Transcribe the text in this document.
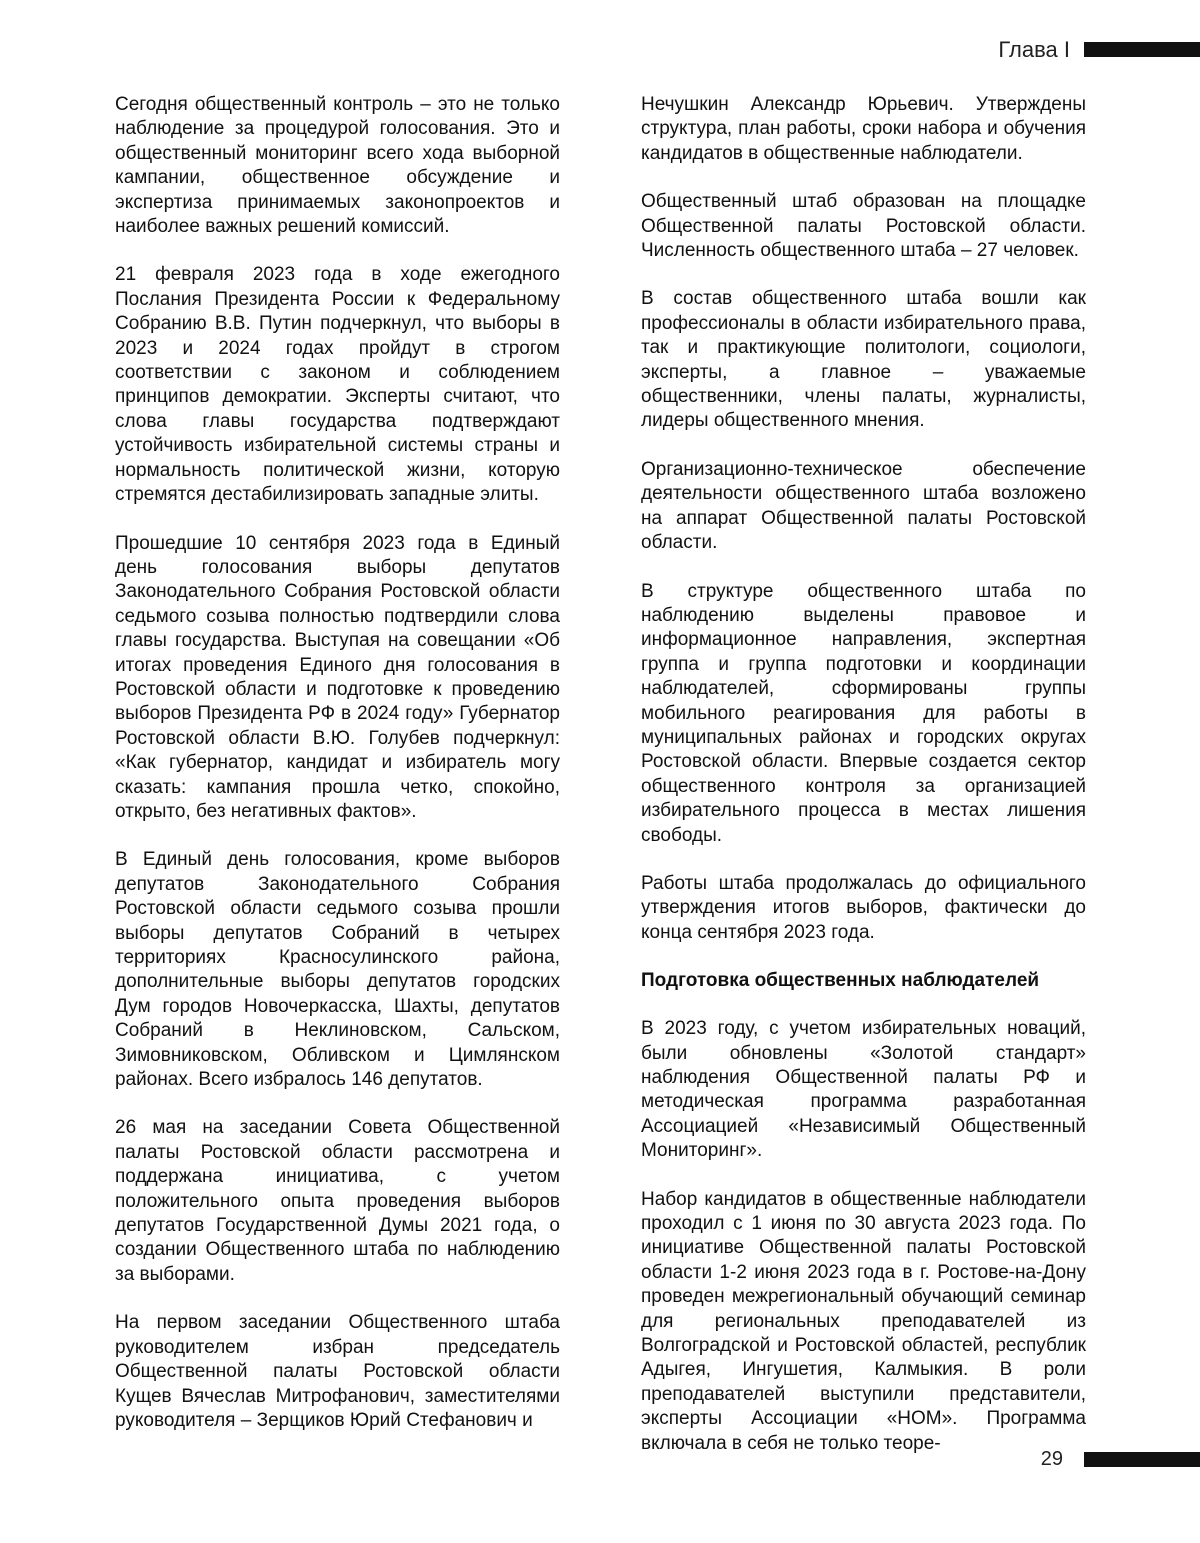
Глава I

Сегодня общественный контроль – это не только наблюдение за процедурой голосования. Это и общественный мониторинг всего хода выборной кампании, общественное обсуждение и экспертиза принимаемых законопроектов и наиболее важных решений комиссий.

21 февраля 2023 года в ходе ежегодного Послания Президента России к Федеральному Собранию В.В. Путин подчеркнул, что выборы в 2023 и 2024 годах пройдут в строгом соответствии с законом и соблюдением принципов демократии. Эксперты считают, что слова главы государства подтверждают устойчивость избирательной системы страны и нормальность политической жизни, которую стремятся дестабилизировать западные элиты.

Прошедшие 10 сентября 2023 года в Единый день голосования выборы депутатов Законодательного Собрания Ростовской области седьмого созыва полностью подтвердили слова главы государства. Выступая на совещании «Об итогах проведения Единого дня голосования в Ростовской области и подготовке к проведению выборов Президента РФ в 2024 году» Губернатор Ростовской области В.Ю. Голубев подчеркнул: «Как губернатор, кандидат и избиратель могу сказать: кампания прошла четко, спокойно, открыто, без негативных фактов».

В Единый день голосования, кроме выборов депутатов Законодательного Собрания Ростовской области седьмого созыва прошли выборы депутатов Собраний в четырех территориях Красносулинского района, дополнительные выборы депутатов городских Дум городов Новочеркасска, Шахты, депутатов Собраний в Неклиновском, Сальском, Зимовниковском, Обливском и Цимлянском районах. Всего избралось 146 депутатов.

26 мая на заседании Совета Общественной палаты Ростовской области рассмотрена и поддержана инициатива, с учетом положительного опыта проведения выборов депутатов Государственной Думы 2021 года, о создании Общественного штаба по наблюдению за выборами.

На первом заседании Общественного штаба руководителем избран председатель Общественной палаты Ростовской области Кущев Вячеслав Митрофанович, заместителями руководителя – Зерщиков Юрий Стефанович и

Нечушкин Александр Юрьевич. Утверждены структура, план работы, сроки набора и обучения кандидатов в общественные наблюдатели.

Общественный штаб образован на площадке Общественной палаты Ростовской области. Численность общественного штаба – 27 человек.

В состав общественного штаба вошли как профессионалы в области избирательного права, так и практикующие политологи, социологи, эксперты, а главное – уважаемые общественники, члены палаты, журналисты, лидеры общественного мнения.

Организационно-техническое обеспечение деятельности общественного штаба возложено на аппарат Общественной палаты Ростовской области.

В структуре общественного штаба по наблюдению выделены правовое и информационное направления, экспертная группа и группа подготовки и координации наблюдателей, сформированы группы мобильного реагирования для работы в муниципальных районах и городских округах Ростовской области. Впервые создается сектор общественного контроля за организацией избирательного процесса в местах лишения свободы.

Работы штаба продолжалась до официального утверждения итогов выборов, фактически до конца сентября 2023 года.

Подготовка общественных наблюдателей

В 2023 году, с учетом избирательных новаций, были обновлены «Золотой стандарт» наблюдения Общественной палаты РФ и методическая программа разработанная Ассоциацией «Независимый Общественный Мониторинг».

Набор кандидатов в общественные наблюдатели проходил с 1 июня по 30 августа 2023 года. По инициативе Общественной палаты Ростовской области 1-2 июня 2023 года в г. Ростове-на-Дону проведен межрегиональный обучающий семинар для региональных преподавателей из Волгоградской и Ростовской областей, республик Адыгея, Ингушетия, Калмыкия. В роли преподавателей выступили представители, эксперты Ассоциации «НОМ». Программа включала в себя не только теоре-

29
